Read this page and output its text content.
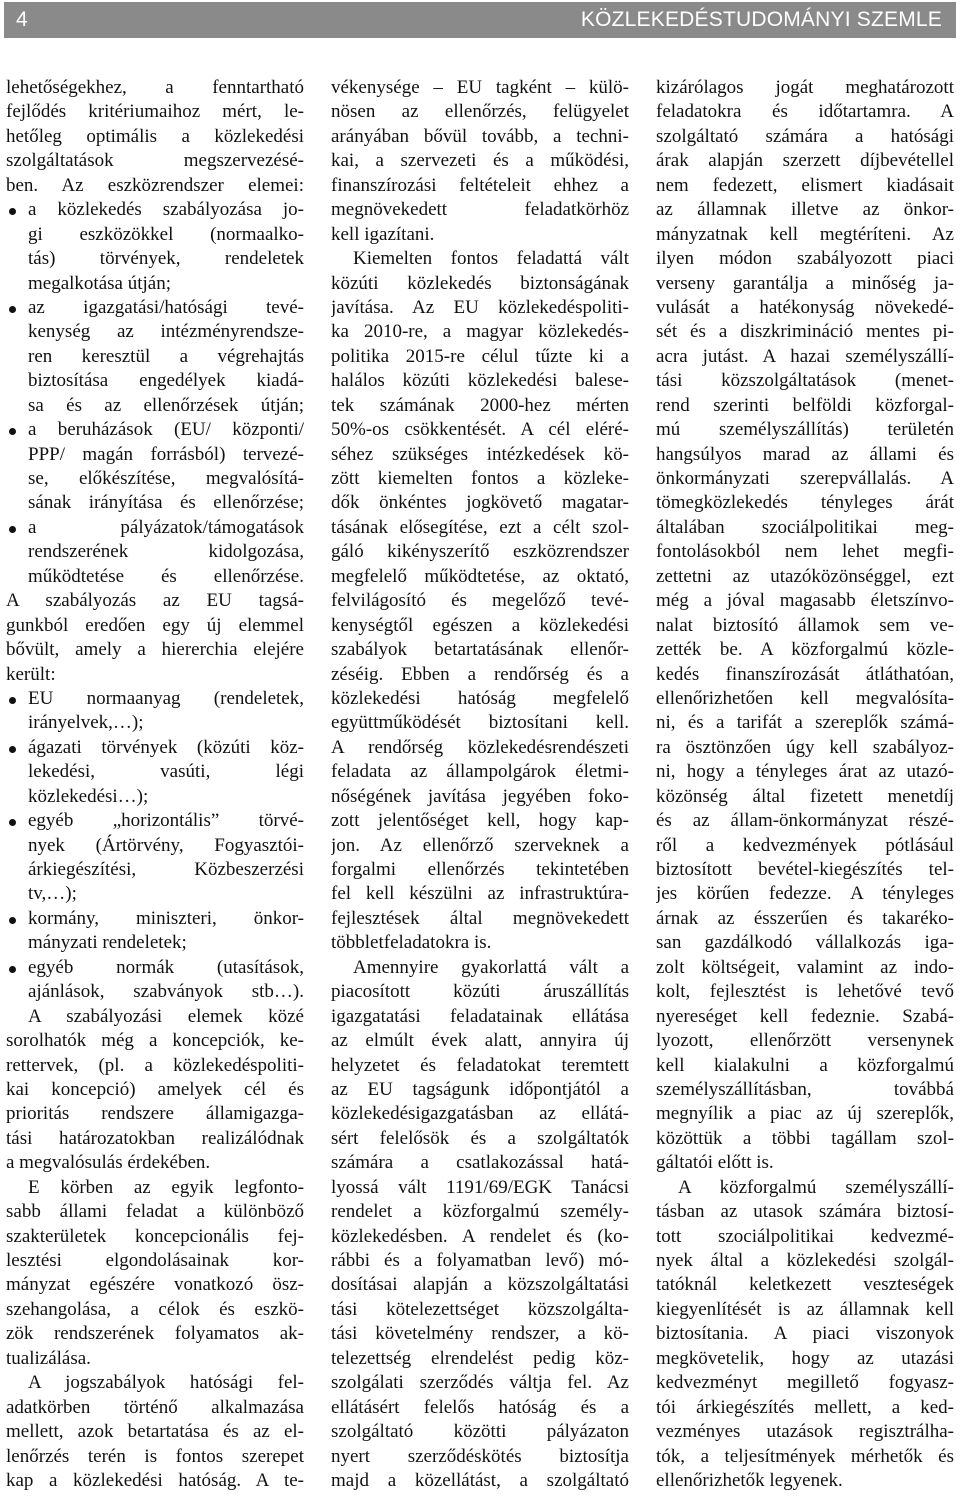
4	KÖZLEKEDÉSTUDOMÁNYI SZEMLE
lehetőségekhez, a fenntartható
fejlődés kritériumaihoz mért, le-
hetőleg optimális a közlekedési
szolgáltatások megszervezésé-
ben. Az eszközrendszer elemei:
a közlekedés szabályozása jo-
gi eszközökkel (normaalko-
tás) törvények, rendeletek
megalkotása útján;
az igazgatási/hatósági tevé-
kenység az intézményrendsze-
ren keresztül a végrehajtás
biztosítása engedélyek kiadá-
sa és az ellenőrzések útján;
a beruházások (EU/ központi/
PPP/ magán forrásból) tervezé-
se, előkészítése, megvalósítá-
sának irányítása és ellenőrzése;
a pályázatok/támogatások
rendszerének kidolgozása,
működtetése és ellenőrzése.
A szabályozás az EU tagsá-
gunkból eredően egy új elemmel
bővült, amely a hiererchia elejére
került:
EU normaanyag (rendeletek,
irányelvek,…);
ágazati törvények (közúti köz-
lekedési, vasúti, légi
közlekedési…);
egyéb „horizontális” törvé-
nyek (Ártörvény, Fogyasztói-
árkiegészítési, Közbeszerzési
tv,…);
kormány, miniszteri, önkor-
mányzati rendeletek;
egyéb normák (utasítások,
ajánlások, szabványok stb…).
A szabályozási elemek közé
sorolhatók még a koncepciók, ke-
rettervek, (pl. a közlekedéspoliti-
kai koncepció) amelyek cél és
prioritás rendszere államigazga-
tási határozatokban realizálódnak
a megvalósulás érdekében.
E körben az egyik legfonto-
sabb állami feladat a különböző
szakterületek koncepcionális fej-
lesztési elgondolásainak kor-
mányzat egészére vonatkozó ösz-
szehangolása, a célok és eszkö-
zök rendszerének folyamatos ak-
tualizálása.
A jogszabályok hatósági fel-
adatkörben történő alkalmazása
mellett, azok betartatása és az el-
lenőrzés terén is fontos szerepet
kap a közlekedési hatóság. A te-
vékenysége – EU tagként – külö-
nösen az ellenőrzés, felügyelet
arányában bővül tovább, a techni-
kai, a szervezeti és a működési,
finanszírozási feltételeit ehhez a
megnövekedett feladatkörhöz
kell igazítani.
Kiemelten fontos feladattá vált
közúti közlekedés biztonságának
javítása. Az EU közlekedéspoliti-
ka 2010-re, a magyar közlekedés-
politika 2015-re célul tűzte ki a
halálos közúti közlekedési balese-
tek számának 2000-hez mérten
50%-os csökkentését. A cél eléré-
séhez szükséges intézkedések kö-
zött kiemelten fontos a közleke-
dők önkéntes jogkövető magatar-
tásának elősegítése, ezt a célt szol-
gáló kikényszerítő eszközrendszer
megfelelő működtetése, az oktató,
felvilágosító és megelőző tevé-
kenységtől egészen a közlekedési
szabályok betartatásának ellenőr-
zéséig. Ebben a rendőrség és a
közlekedési hatóság megfelelő
együttműködését biztosítani kell.
A rendőrség közlekedésrendészeti
feladata az állampolgárok életmi-
nőségének javítása jegyében foko-
zott jelentőséget kell, hogy kap-
jon. Az ellenőrző szerveknek a
forgalmi ellenőrzés tekintetében
fel kell készülni az infrastruktúra-
fejlesztések által megnövekedett
többletfeladatokra is.
Amennyire gyakorlattá vált a
piacosított közúti áruszállítás
igazgatatási feladatainak ellátása
az elmúlt évek alatt, annyira új
helyzetet és feladatokat teremtett
az EU tagságunk időpontjától a
közlekedésigazgatásban az ellátá-
sért felelősök és a szolgáltatók
számára a csatlakozással hatá-
lyossá vált 1191/69/EGK Tanácsi
rendelet a közforgalmú személy-
közlekedésben. A rendelet és (ko-
rábbi és a folyamatban levő) mó-
dosításai alapján a közszolgáltatási
tási kötelezettséget közszolgálta-
tási követelmény rendszer, a kö-
telezettség elrendelést pedig köz-
szolgálati szerződés váltja fel. Az
ellátásért felelős hatóság és a
szolgáltató közötti pályázaton
nyert szerződéskötés biztosítja
majd a közellátást, a szolgáltató
kizárólagos jogát meghatározott
feladatokra és időtartamra. A
szolgáltató számára a hatósági
árak alapján szerzett díjbevétellel
nem fedezett, elismert kiadásait
az államnak illetve az önkor-
mányzatnak kell megtéríteni. Az
ilyen módon szabályozott piaci
verseny garantálja a minőség ja-
vulását a hatékonyság növekedé-
sét és a diszkrimináció mentes pi-
acra jutást. A hazai személyszállí-
tási közszolgáltatások (menet-
rend szerinti belföldi közforgal-
mú személyszállítás) területén
hangsúlyos marad az állami és
önkormányzati szerepvállalás. A
tömegközlekedés tényleges árát
általában szociálpolitikai meg-
fontolásokból nem lehet megfi-
zettetni az utazóközönséggel, ezt
még a jóval magasabb életszínvo-
nalat biztosító államok sem ve-
zették be. A közforgalmú közle-
kedés finanszírozását átláthatóan,
ellenőrizhetően kell megvalósíta-
ni, és a tarifát a szereplők számá-
ra ösztönzően úgy kell szabályoz-
ni, hogy a tényleges árat az utazó-
közönség által fizetett menetdíj
és az állam-önkormányzat részé-
ről a kedvezmények pótlásául
biztosított bevétel-kiegészítés tel-
jes körűen fedezze. A tényleges
árnak az ésszerűen és takaréko-
san gazdálkodó vállalkozás iga-
zolt költségeit, valamint az indo-
kolt, fejlesztést is lehetővé tevő
nyereséget kell fedeznie. Szabá-
lyozott, ellenőrzött versenynek
kell kialakulni a közforgalmú
személyszállításban, továbbá
megnyílik a piac az új szereplők,
közöttük a többi tagállam szol-
gáltatói előtt is.
A közforgalmú személyszállí-
tásban az utasok számára biztosí-
tott szociálpolitikai kedvezmé-
nyek által a közlekedési szolgál-
tatóknál keletkezett veszteségek
kiegyenlítését is az államnak kell
biztosítania. A piaci viszonyok
megkövetelik, hogy az utazási
kedvezményt megillető fogyasz-
tói árkiegészítés mellett, a ked-
vezményes utazások regisztrálha-
tók, a teljesítmények mérhetők és
ellenőrizhetők legyenek.
